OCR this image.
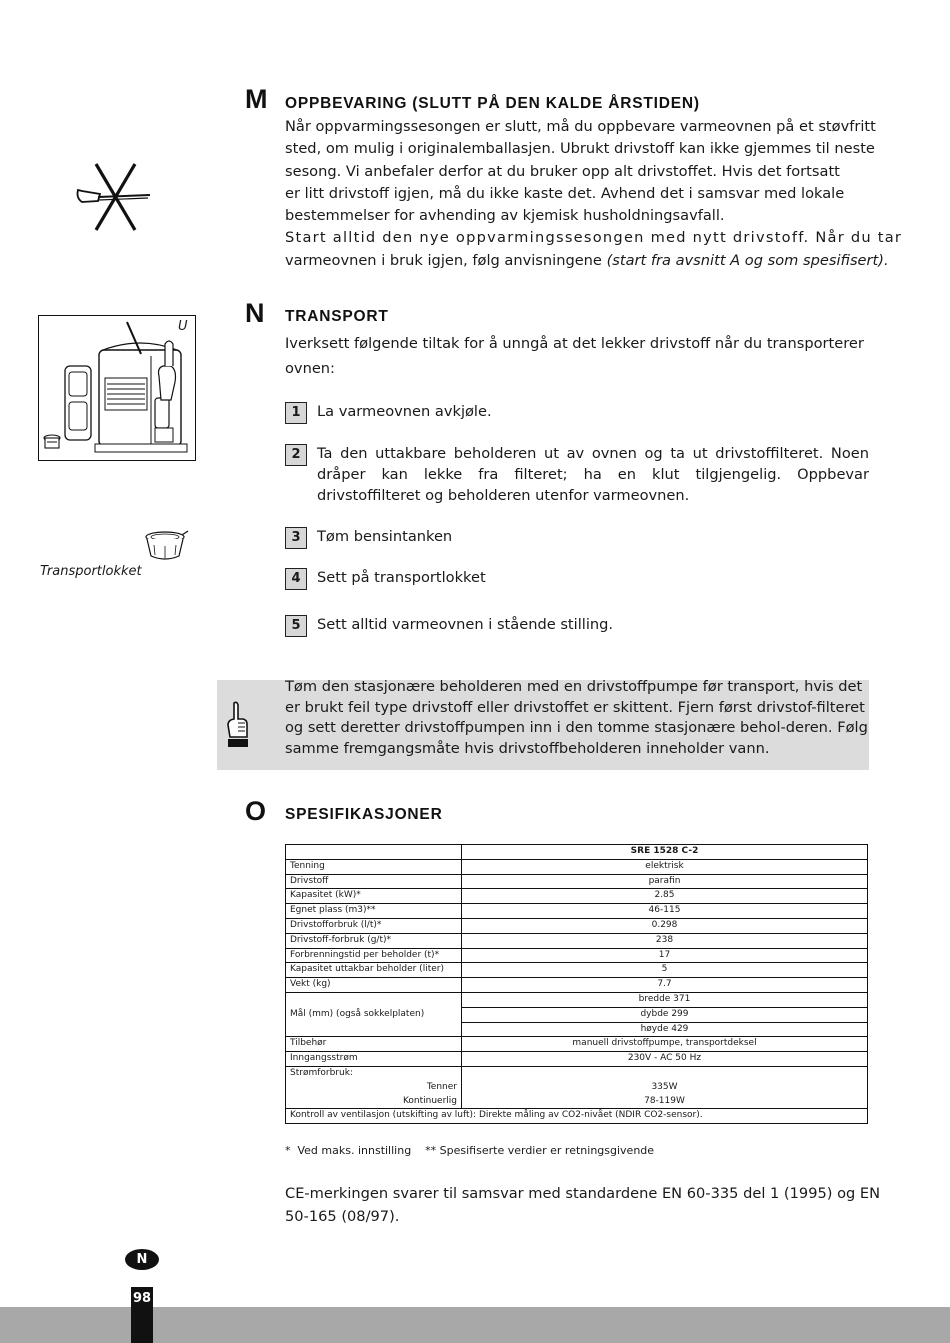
M OPPBEVARING (SLUTT PÅ DEN KALDE ÅRSTIDEN)

Når oppvarmingssesongen er slutt, må du oppbevare varmeovnen på et støvfritt

sted, om mulig i originalemballasjen. Ubrukt drivstoff kan ikke gjemmes til neste

sesong. Vi anbefaler derfor at du bruker opp alt drivstoffet. Hvis det fortsatt

er litt drivstoff igjen, må du ikke kaste det. Avhend det i samsvar med lokale

bestemmelser for avhending av kjemisk husholdningsavfall.

Start alltid den nye oppvarmingssesongen med nytt drivstoff. Når du tar

varmeovnen i bruk igjen, følg anvisningene (start fra avsnitt A og som spesifisert).

N TRANSPORT
U

Iverksett følgende tiltak for å unngå at det lekker drivstoff når du transporterer

ovnen:

1	La varmeovnen avkjøle.
2	Ta den uttakbare beholderen ut av ovnen og ta ut drivstoffilteret. Noen dråper kan lekke fra filteret; ha en klut tilgjengelig. Oppbevar drivstoffilteret og beholderen utenfor varmeovnen.
3	Tøm bensintanken
4	Sett på transportlokket
5	Sett alltid varmeovnen i stående stilling.
Transportlokket

Tøm den stasjonære beholderen med en drivstoffpumpe før transport, hvis det

er brukt feil type drivstoff eller drivstoffet er skittent. Fjern først drivstof-filteret

og sett deretter drivstoffpumpen inn i den tomme stasjonære behol-deren. Følg

samme fremgangsmåte hvis drivstoffbeholderen inneholder vann.

O SPESIFIKASJONER
	SRE 1528 C-2
Tenning	elektrisk
Drivstoff	parafin
Kapasitet (kW)*	2.85
Egnet plass (m3)**	46-115
Drivstofforbruk (l/t)*	0.298
Drivstoff-forbruk (g/t)*	238
Forbrenningstid per beholder (t)*	17
Kapasitet uttakbar beholder (liter)	5
Vekt (kg)	7.7
Mål (mm) (også sokkelplaten)	bredde 371
	dybde 299
	høyde 429
Tilbehør	manuell drivstoffpumpe, transportdeksel
Inngangsstrøm	230V - AC 50 Hz
Strømforbruk:	
Tenner	335W
Kontinuerlig	78-119W
Kontroll av ventilasjon (utskifting av luft): Direkte måling av CO2-nivået (NDIR CO2-sensor).	
*  Ved maks. innstilling    ** Spesifiserte verdier er retningsgivende

CE-merkingen svarer til samsvar med standardene EN 60-335 del 1 (1995) og EN

50-165 (08/97).

N
98
